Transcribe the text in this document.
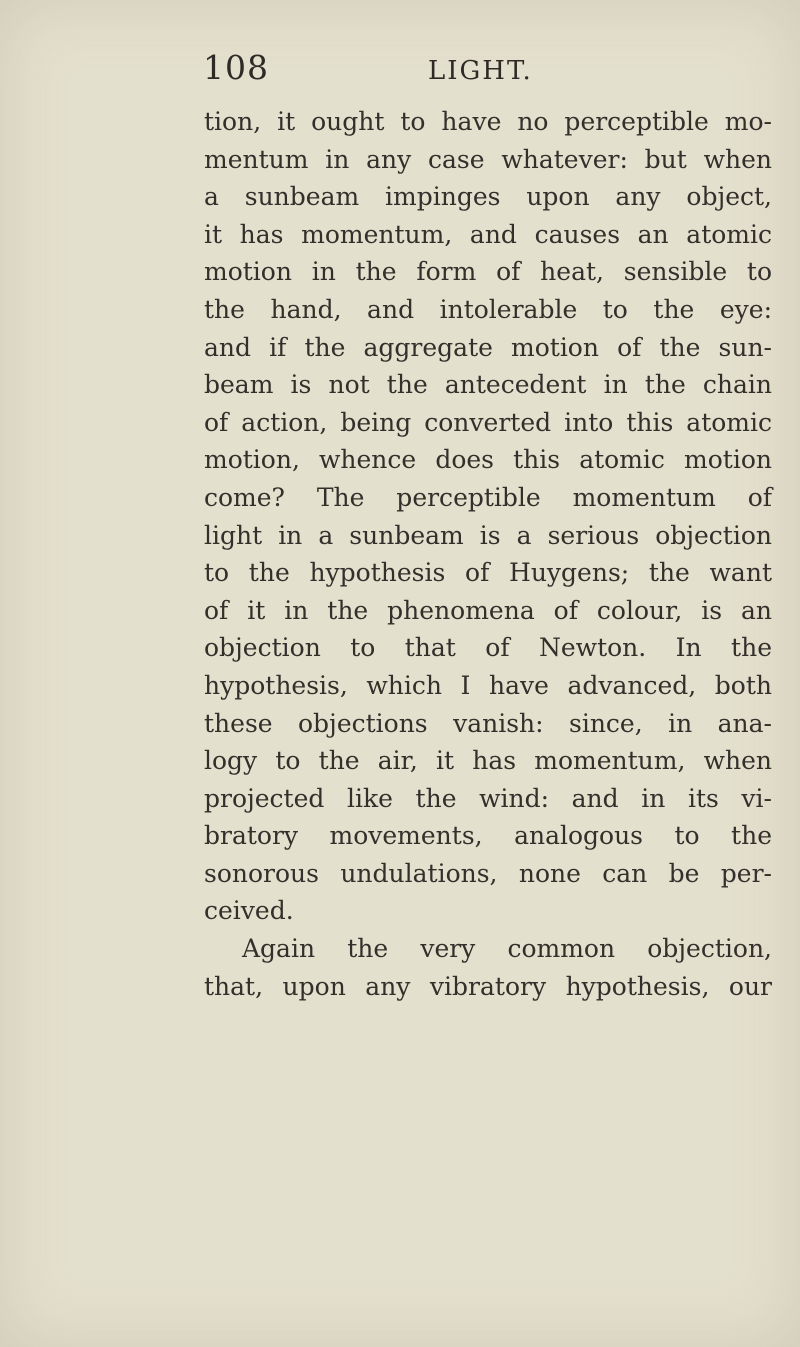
108	LIGHT.
tion, it ought to have no perceptible mo-
mentum in any case whatever: but when
a sunbeam impinges upon any object,
it has momentum, and causes an atomic
motion in the form of heat, sensible to
the hand, and intolerable to the eye:
and if the aggregate motion of the sun-
beam is not the antecedent in the chain
of action, being converted into this atomic
motion, whence does this atomic motion
come? The perceptible momentum of
light in a sunbeam is a serious objection
to the hypothesis of Huygens; the want
of it in the phenomena of colour, is an
objection to that of Newton. In the
hypothesis, which I have advanced, both
these objections vanish: since, in ana-
logy to the air, it has momentum, when
projected like the wind: and in its vi-
bratory movements, analogous to the
sonorous undulations, none can be per-
ceived.
Again the very common objection,
that, upon any vibratory hypothesis, our
